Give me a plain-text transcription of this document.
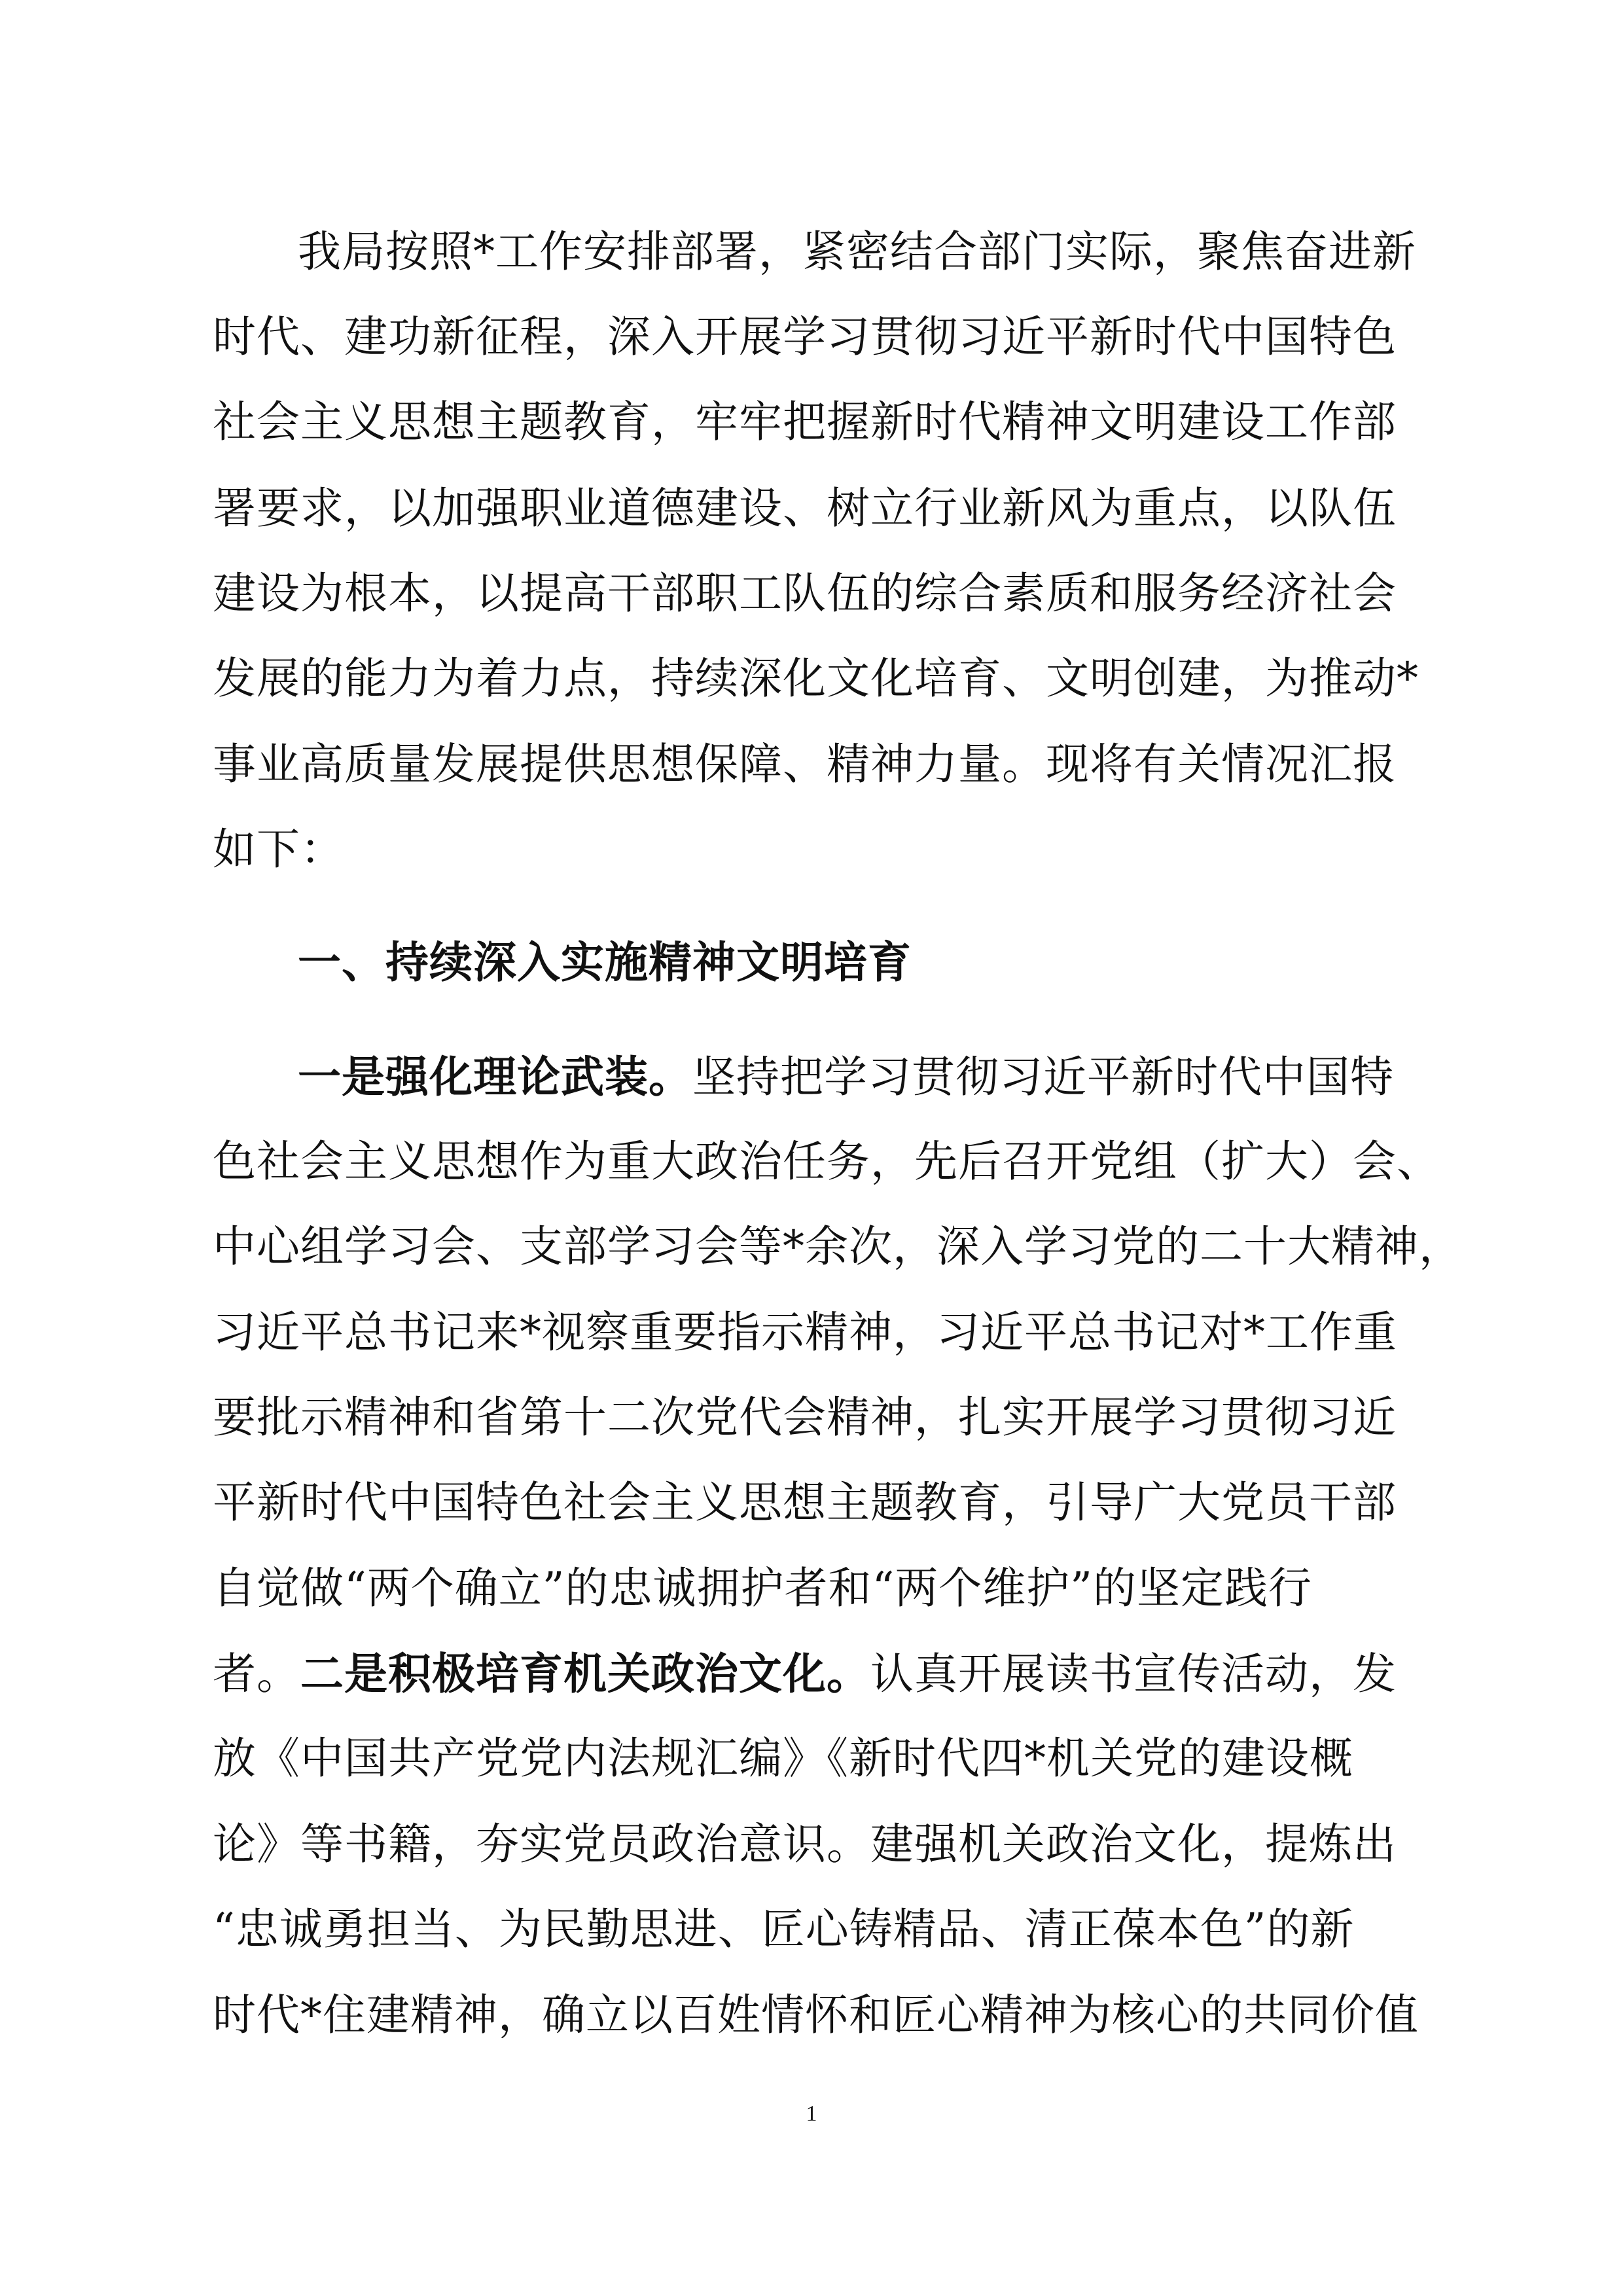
我局按照*工作安排部署，紧密结合部门实际，聚焦奋进新
时代、建功新征程，深入开展学习贯彻习近平新时代中国特色
社会主义思想主题教育，牢牢把握新时代精神文明建设工作部
署要求，以加强职业道德建设、树立行业新风为重点，以队伍
建设为根本，以提高干部职工队伍的综合素质和服务经济社会
发展的能力为着力点，持续深化文化培育、文明创建，为推动*
事业高质量发展提供思想保障、精神力量。现将有关情况汇报
如下：
一、持续深入实施精神文明培育
一是强化理论武装。坚持把学习贯彻习近平新时代中国特
色社会主义思想作为重大政治任务，先后召开党组（扩大）会、
中心组学习会、支部学习会等*余次，深入学习党的二十大精神，
习近平总书记来*视察重要指示精神，习近平总书记对*工作重
要批示精神和省第十二次党代会精神，扎实开展学习贯彻习近
平新时代中国特色社会主义思想主题教育，引导广大党员干部
自觉做“两个确立”的忠诚拥护者和“两个维护”的坚定践行
者。二是积极培育机关政治文化。认真开展读书宣传活动，发
放《中国共产党党内法规汇编》《新时代四*机关党的建设概
论》等书籍，夯实党员政治意识。建强机关政治文化，提炼出
“忠诚勇担当、为民勤思进、匠心铸精品、清正葆本色”的新
时代*住建精神，确立以百姓情怀和匠心精神为核心的共同价值
1
